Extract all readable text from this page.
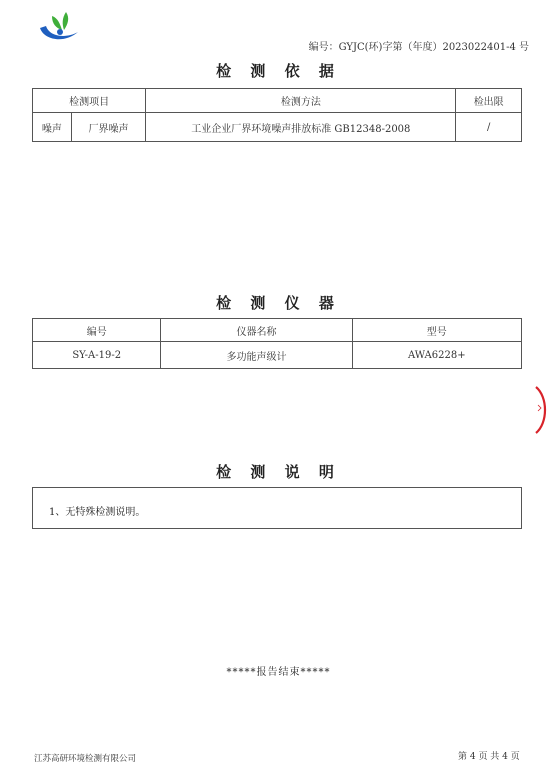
编号：GYJC(环)字第（年度）2023022401-4 号
检 测 依 据
检测项目		检测方法	检出限
噪声	厂界噪声	工业企业厂界环境噪声排放标准 GB12348-2008	/
检 测 仪 器
编号	仪器名称	型号
SY-A-19-2	多功能声级计	AWA6228+
检 测 说 明
1、无特殊检测说明。
*****报告结束*****
江苏高研环境检测有限公司	第 4 页 共 4 页
